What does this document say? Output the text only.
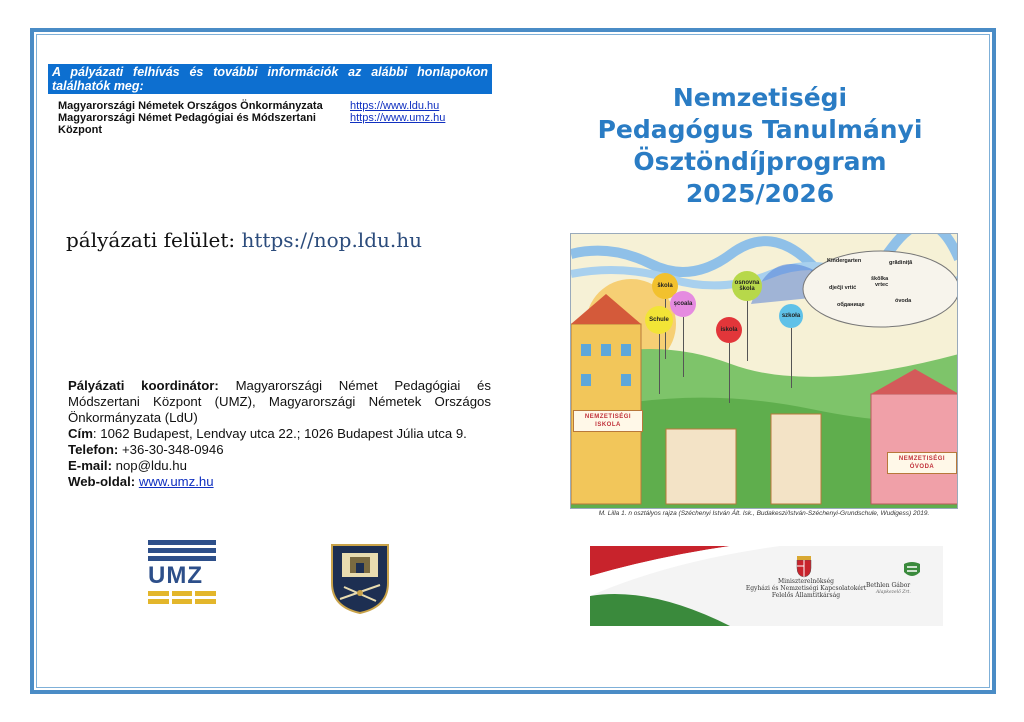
A pályázati felhívás és további információk az alábbi honlapokon találhatók meg:
Magyarországi Németek Országos Önkormányzata	https://www.ldu.hu
Magyarországi Német Pedagógiai és Módszertani Központ
https://www.umz.hu
pályázati felület: https://nop.ldu.hu
Pályázati koordinátor: Magyarországi Német Pedagógiai és Módszertani Központ (UMZ), Magyarországi Németek Országos Önkormányzata (LdU)
Cím: 1062 Budapest, Lendvay utca 22.; 1026 Budapest Júlia utca 9.
Telefon: +36-30-348-0946
E-mail: nop@ldu.hu
Web-oldal: www.umz.hu
UMZ
Nemzetiségi
Pedagógus Tanulmányi
Ösztöndíjprogram
2025/2026
škola
Schule
școala
iskola
osnovna škola
szkoła
Kindergarten	grădiniță
vrtec
dječji vrtić
škôlka
обданище
óvoda
NEMZETISÉGI ISKOLA
NEMZETISÉGI ÓVODA
M. Lilla 1. n osztályos rajza (Széchenyi István Ált. Isk., Budakeszi/István-Széchenyi-Grundschule, Wudigess) 2019.
Miniszterelnökség
Egyházi és Nemzetiségi Kapcsolatokért
Felelős Államtitkárság
Bethlen Gábor
Alapkezelő Zrt.
